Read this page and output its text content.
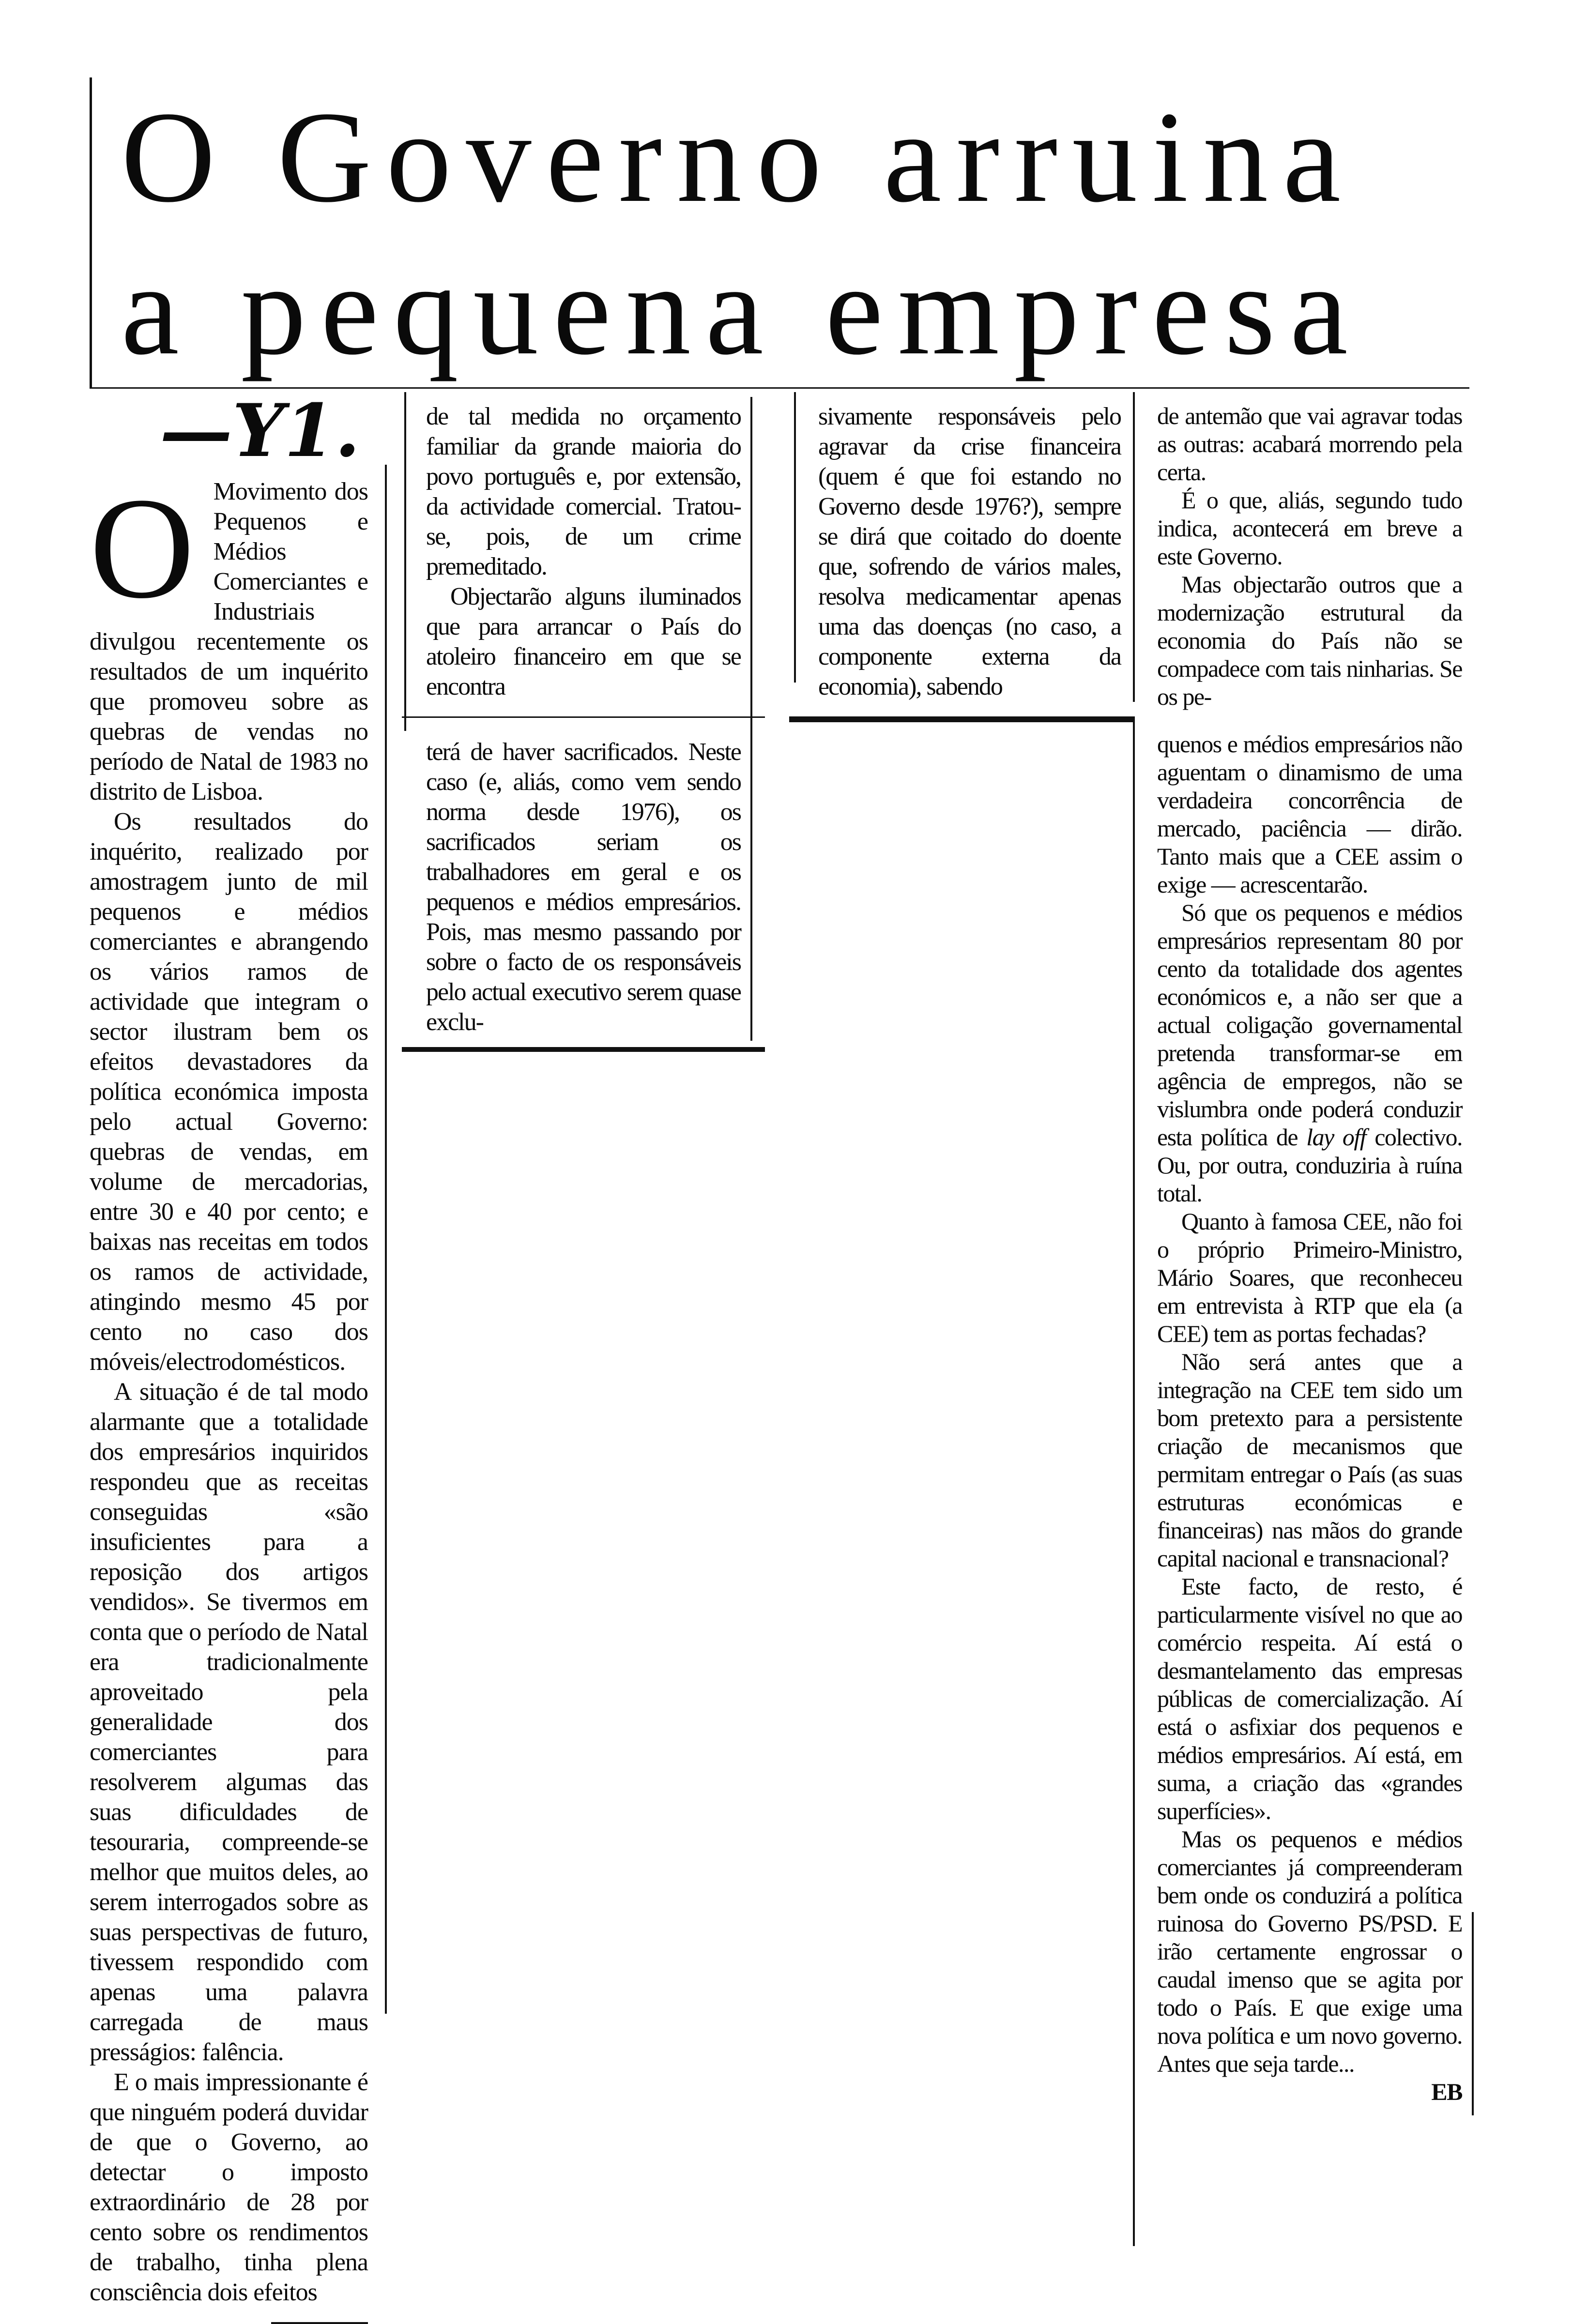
O Governo arruina
a pequena empresa
—Y1.

O Movimento dos Pequenos e Médios Comerciantes e Industriais divulgou recentemente os resultados de um inquérito que promoveu sobre as quebras de vendas no período de Natal de 1983 no distrito de Lisboa.

Os resultados do inquérito, realizado por amostragem junto de mil pequenos e médios comerciantes e abrangendo os vários ramos de actividade que integram o sector ilustram bem os efeitos devastadores da política económica imposta pelo actual Governo: quebras de vendas, em volume de mercadorias, entre 30 e 40 por cento; e baixas nas receitas em todos os ramos de actividade, atingindo mesmo 45 por cento no caso dos móveis/electrodomésticos.

A situação é de tal modo alarmante que a totalidade dos empresários inquiridos respondeu que as receitas conseguidas «são insuficientes para a reposição dos artigos vendidos». Se tivermos em conta que o período de Natal era tradicionalmente aproveitado pela generalidade dos comerciantes para resolverem algumas das suas dificuldades de tesouraria, compreende-se melhor que muitos deles, ao serem interrogados sobre as suas perspectivas de futuro, tivessem respondido com apenas uma palavra carregada de maus presságios: falência.

E o mais impressionante é que ninguém poderá duvidar de que o Governo, ao detectar o imposto extraordinário de 28 por cento sobre os rendimentos de trabalho, tinha plena consciência dois efeitos

de tal medida no orçamento familiar da grande maioria do povo português e, por extensão, da actividade comercial. Tratou-se, pois, de um crime premeditado.

Objectarão alguns iluminados que para arrancar o País do atoleiro financeiro em que se encontra

terá de haver sacrificados. Neste caso (e, aliás, como vem sendo norma desde 1976), os sacrificados seriam os trabalhadores em geral e os pequenos e médios empresários. Pois, mas mesmo passando por sobre o facto de os responsáveis pelo actual executivo serem quase exclu-

sivamente responsáveis pelo agravar da crise financeira (quem é que foi estando no Governo desde 1976?), sempre se dirá que coitado do doente que, sofrendo de vários males, resolva medicamentar apenas uma das doenças (no caso, a componente externa da economia), sabendo

de antemão que vai agravar todas as outras: acabará morrendo pela certa.

É o que, aliás, segundo tudo indica, acontecerá em breve a este Governo.

Mas objectarão outros que a modernização estrutural da economia do País não se compadece com tais ninharias. Se os pe-

quenos e médios empresários não aguentam o dinamismo de uma verdadeira concorrência de mercado, paciência — dirão. Tanto mais que a CEE assim o exige — acrescentarão.

Só que os pequenos e médios empresários representam 80 por cento da totalidade dos agentes económicos e, a não ser que a actual coligação governamental pretenda transformar-se em agência de empregos, não se vislumbra onde poderá conduzir esta política de lay off colectivo. Ou, por outra, conduziria à ruína total.

Quanto à famosa CEE, não foi o próprio Primeiro-Ministro, Mário Soares, que reconheceu em entrevista à RTP que ela (a CEE) tem as portas fechadas?

Não será antes que a integração na CEE tem sido um bom pretexto para a persistente criação de mecanismos que permitam entregar o País (as suas estruturas económicas e financeiras) nas mãos do grande capital nacional e transnacional?

Este facto, de resto, é particularmente visível no que ao comércio respeita. Aí está o desmantelamento das empresas públicas de comercialização. Aí está o asfixiar dos pequenos e médios empresários. Aí está, em suma, a criação das «grandes superfícies».

Mas os pequenos e médios comerciantes já compreenderam bem onde os conduzirá a política ruinosa do Governo PS/PSD. E irão certamente engrossar o caudal imenso que se agita por todo o País. E que exige uma nova política e um novo governo. Antes que seja tarde...

EB
